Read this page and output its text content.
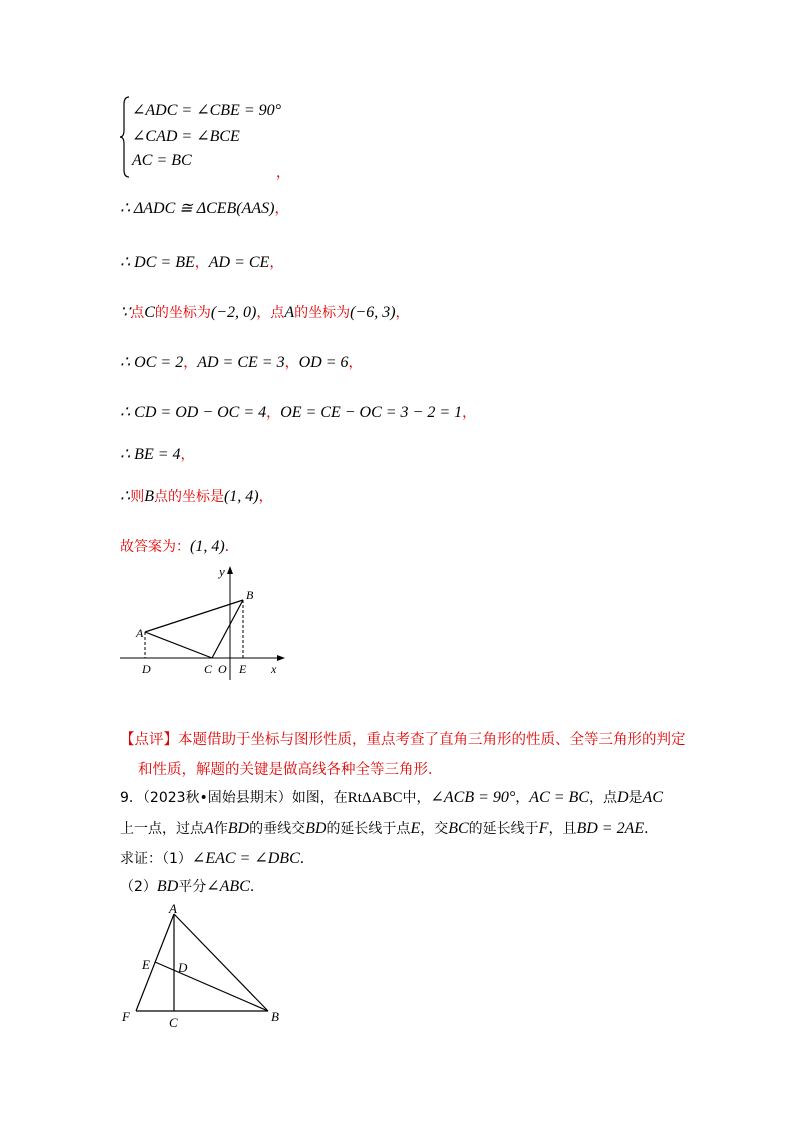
∠ADC = ∠CBE = 90°
∠CAD = ∠BCE
AC = BC
，
∴ ΔADC ≅ ΔCEB(AAS)，
∴ DC = BE，AD = CE，
∵点C的坐标为(−2, 0)，点A的坐标为(−6, 3)，
∴ OC = 2，AD = CE = 3，OD = 6，
∴ CD = OD − OC = 4，OE = CE − OC = 3 − 2 = 1，
∴ BE = 4，
∴则B点的坐标是(1, 4)，
故答案为：(1, 4)．
y
B
A
D	C O E x
【点评】本题借助于坐标与图形性质，重点考查了直角三角形的性质、全等三角形的判定
和性质，解题的关键是做高线各种全等三角形．
9．（2023秋•固始县期末）如图，在RtΔABC中，∠ACB = 90°，AC = BC，点D是AC
上一点，过点A作BD的垂线交BD的延长线于点E，交BC的延长线于F，且BD = 2AE．
求证：（1）∠EAC = ∠DBC．
（2）BD平分∠ABC．
A
E D
F	C	B
